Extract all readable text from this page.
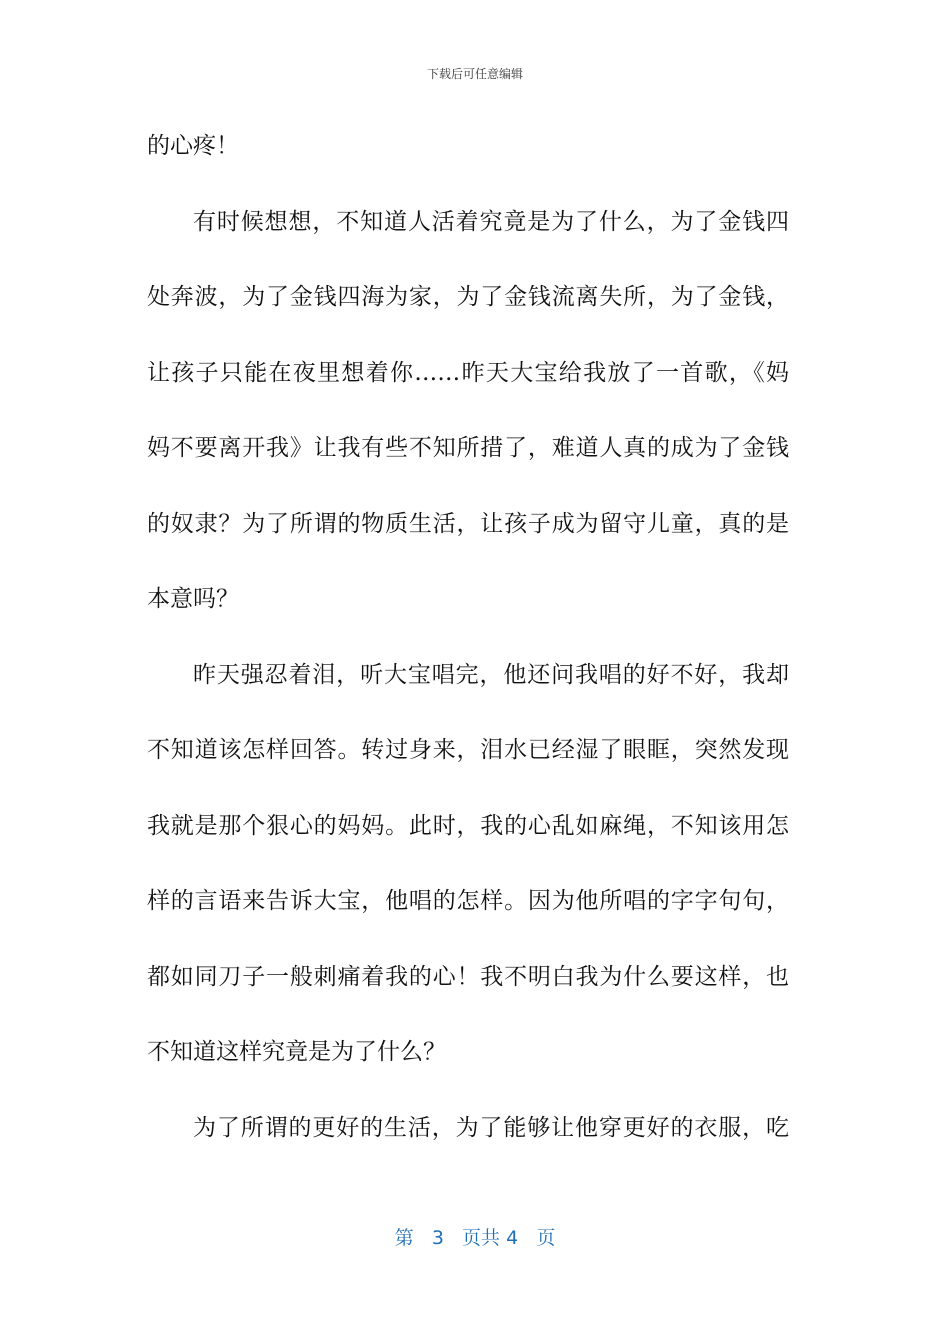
下载后可任意编辑
的心疼！
有时候想想，不知道人活着究竟是为了什么，为了金钱四
处奔波，为了金钱四海为家，为了金钱流离失所，为了金钱，
让孩子只能在夜里想着你……昨天大宝给我放了一首歌，《妈
妈不要离开我》让我有些不知所措了，难道人真的成为了金钱
的奴隶？为了所谓的物质生活，让孩子成为留守儿童，真的是
本意吗？
昨天强忍着泪，听大宝唱完，他还问我唱的好不好，我却
不知道该怎样回答。转过身来，泪水已经湿了眼眶，突然发现
我就是那个狠心的妈妈。此时，我的心乱如麻绳，不知该用怎
样的言语来告诉大宝，他唱的怎样。因为他所唱的字字句句，
都如同刀子一般刺痛着我的心！我不明白我为什么要这样，也
不知道这样究竟是为了什么？
为了所谓的更好的生活，为了能够让他穿更好的衣服，吃
第 3 页共 4 页
